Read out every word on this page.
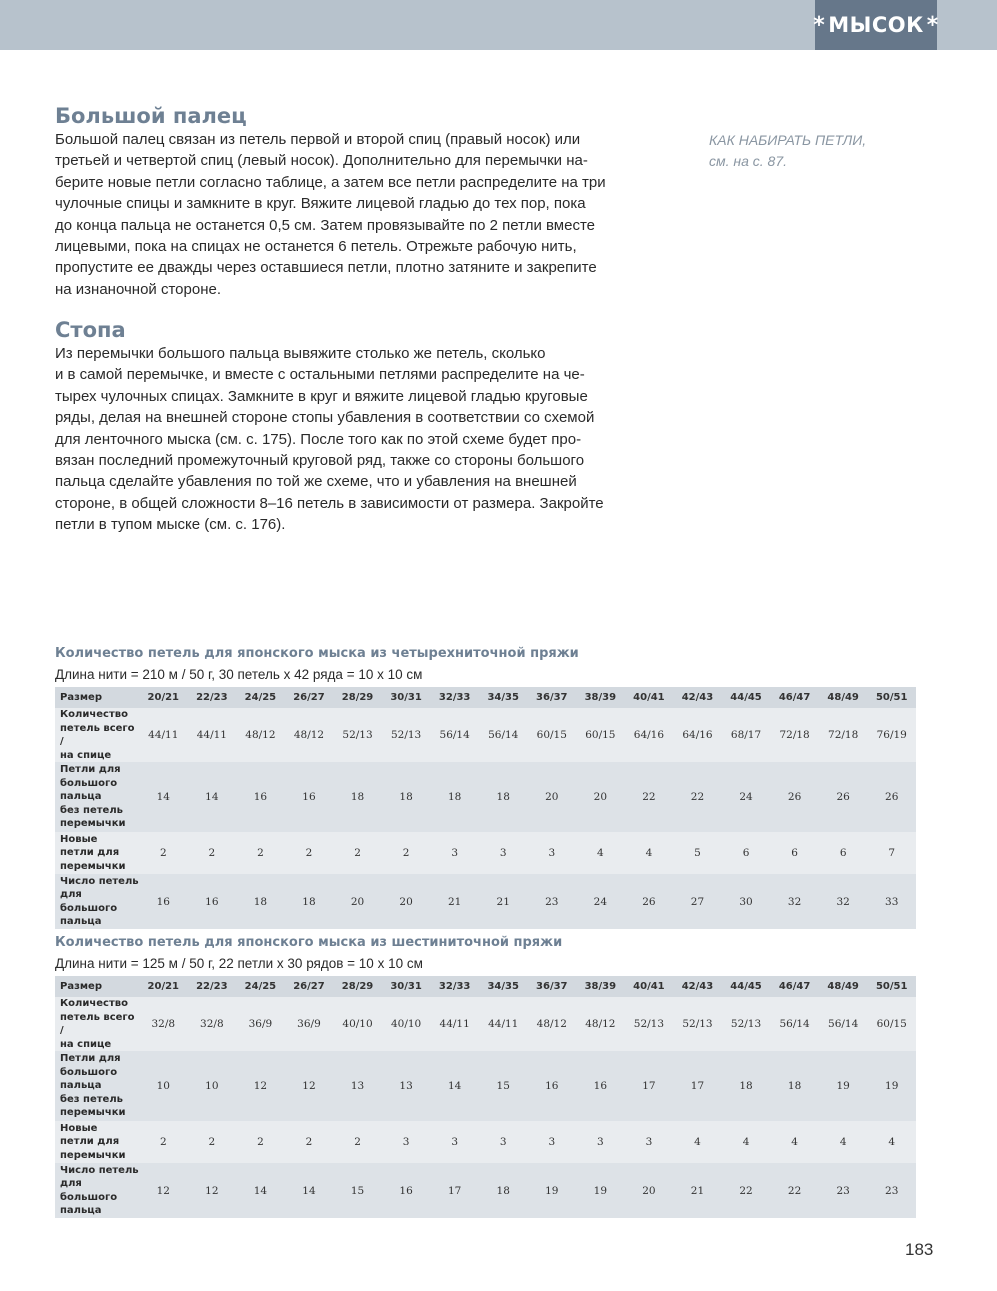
* МЫСОК *
Большой палец
Большой палец связан из петель первой и второй спиц (правый носок) или
третьей и четвертой спиц (левый носок). Дополнительно для перемычки на-
берите новые петли согласно таблице, а затем все петли распределите на три
чулочные спицы и замкните в круг. Вяжите лицевой гладью до тех пор, пока
до конца пальца не останется 0,5 см. Затем провязывайте по 2 петли вместе
лицевыми, пока на спицах не останется 6 петель. Отрежьте рабочую нить,
пропустите ее дважды через оставшиеся петли, плотно затяните и закрепите
на изнаночной стороне.
КАК НАБИРАТЬ ПЕТЛИ,
см. на с. 87.
Стопа
Из перемычки большого пальца вывяжите столько же петель, сколько
и в самой перемычке, и вместе с остальными петлями распределите на че-
тырех чулочных спицах. Замкните в круг и вяжите лицевой гладью круговые
ряды, делая на внешней стороне стопы убавления в соответствии со схемой
для ленточного мыска (см. с. 175). После того как по этой схеме будет про-
вязан последний промежуточный круговой ряд, также со стороны большого
пальца сделайте убавления по той же схеме, что и убавления на внешней
стороне, в общей сложности 8–16 петель в зависимости от размера. Закройте
петли в тупом мыске (см. с. 176).
Количество петель для японского мыска из четырехниточной пряжи
Длина нити = 210 м / 50 г, 30 петель x 42 ряда = 10 x 10 см
Размер	20/21	22/23	24/25	26/27	28/29	30/31	32/33	34/35	36/37	38/39	40/41	42/43	44/45	46/47	48/49	50/51

Количество
петель всего /
на спице	44/11	44/11	48/12	48/12	52/13	52/13	56/14	56/14	60/15	60/15	64/16	64/16	68/17	72/18	72/18	76/19

Петли для
большого
пальца
без петель
перемычки	14	14	16	16	18	18	18	18	20	20	22	22	24	26	26	26

Новые
петли для
перемычки	2	2	2	2	2	2	3	3	3	4	4	5	6	6	6	7

Число петель
для большого
пальца	16	16	18	18	20	20	21	21	23	24	26	27	30	32	32	33
Количество петель для японского мыска из шестиниточной пряжи
Длина нити = 125 м / 50 г, 22 петли x 30 рядов = 10 x 10 см
Размер	20/21	22/23	24/25	26/27	28/29	30/31	32/33	34/35	36/37	38/39	40/41	42/43	44/45	46/47	48/49	50/51

Количество
петель всего /
на спице	32/8	32/8	36/9	36/9	40/10	40/10	44/11	44/11	48/12	48/12	52/13	52/13	52/13	56/14	56/14	60/15

Петли для
большого
пальца
без петель
перемычки	10	10	12	12	13	13	14	15	16	16	17	17	18	18	19	19

Новые
петли для
перемычки	2	2	2	2	2	3	3	3	3	3	3	4	4	4	4	4

Число петель
для большого
пальца	12	12	14	14	15	16	17	18	19	19	20	21	22	22	23	23
183
